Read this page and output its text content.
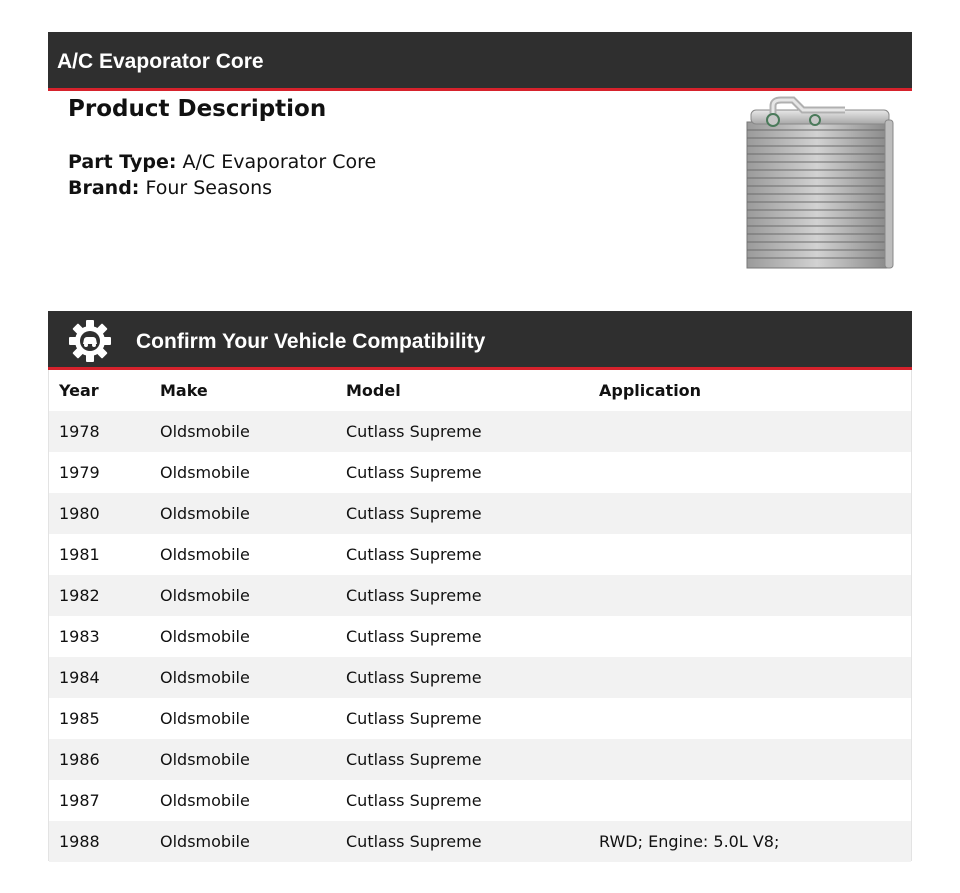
A/C Evaporator Core
Product Description
Part Type: A/C Evaporator Core
Brand: Four Seasons
Confirm Your Vehicle Compatibility
Year	Make	Model	Application
1978	Oldsmobile	Cutlass Supreme	
1979	Oldsmobile	Cutlass Supreme	
1980	Oldsmobile	Cutlass Supreme	
1981	Oldsmobile	Cutlass Supreme	
1982	Oldsmobile	Cutlass Supreme	
1983	Oldsmobile	Cutlass Supreme	
1984	Oldsmobile	Cutlass Supreme	
1985	Oldsmobile	Cutlass Supreme	
1986	Oldsmobile	Cutlass Supreme	
1987	Oldsmobile	Cutlass Supreme	
1988	Oldsmobile	Cutlass Supreme	RWD; Engine: 5.0L V8;
